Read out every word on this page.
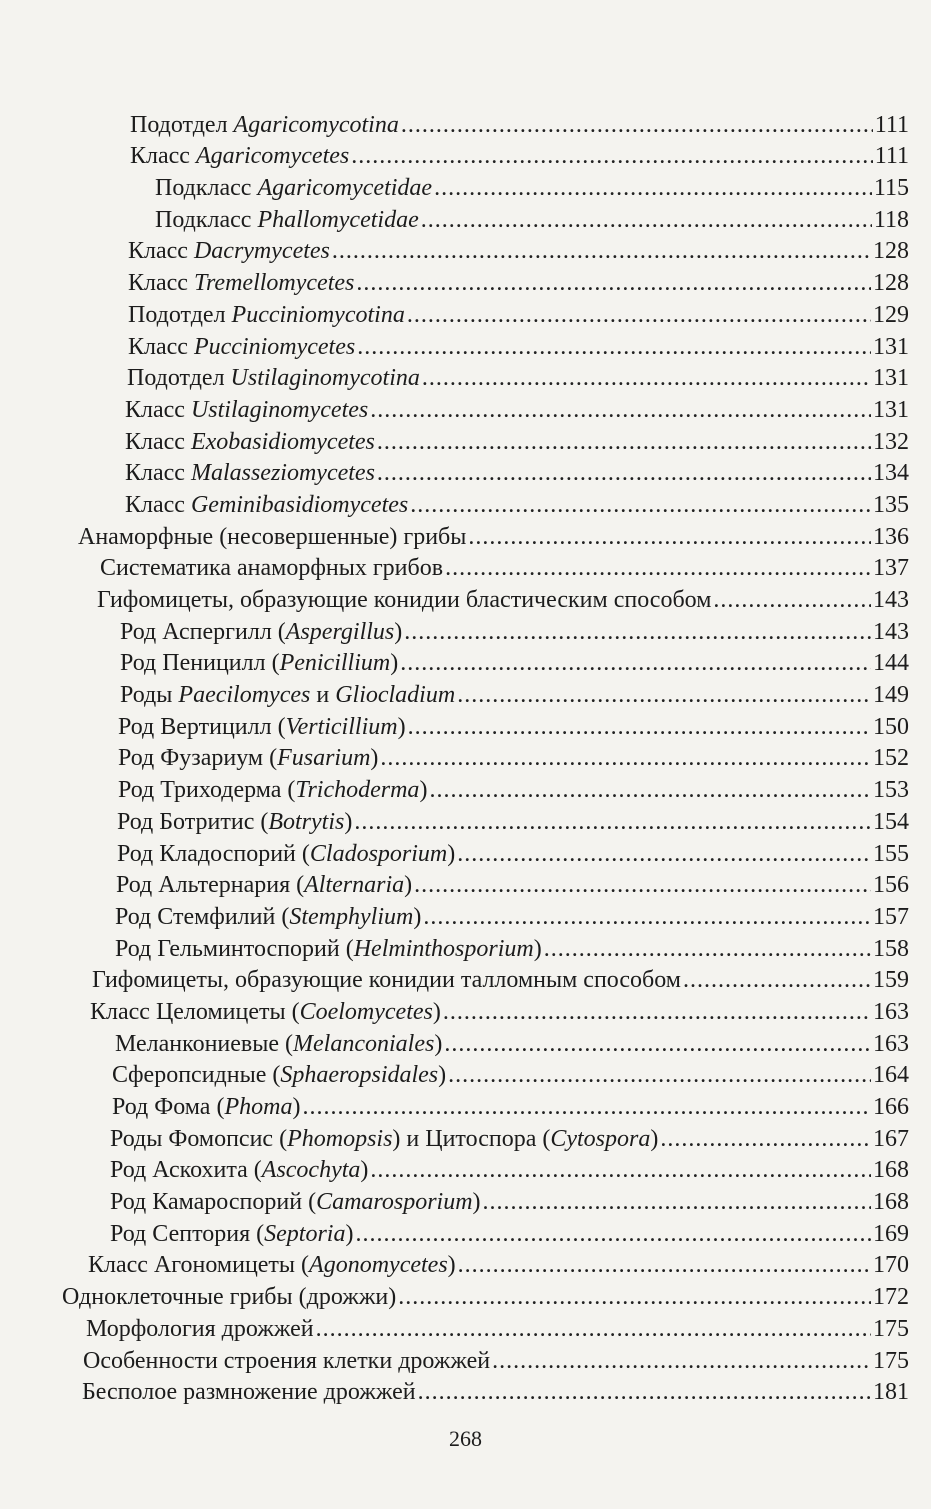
Подотдел Agaricomycotina .....	111
Класс Agaricomycetes .....	111
Подкласс Agaricomycetidae .....	115
Подкласс Phallomycetidae .....	118
Класс Dacrymycetes .....	128
Класс Tremellomycetes .....	128
Подотдел Pucciniomycotina .....	129
Класс Pucciniomycetes .....	131
Подотдел Ustilaginomycotina .....	131
Класс Ustilaginomycetes .....	131
Класс Exobasidiomycetes .....	132
Класс Malasseziomycetes .....	134
Класс Geminibasidiomycetes .....	135
Анаморфные (несовершенные) грибы .....	136
Систематика анаморфных грибов .....	137
Гифомицеты, образующие конидии бластическим способом .....	143
Род Аспергилл (Aspergillus) .....	143
Род Пеницилл (Penicillium) .....	144
Роды Paecilomyces и Gliocladium .....	149
Род Вертицилл (Verticillium) .....	150
Род Фузариум (Fusarium) .....	152
Род Триходерма (Trichoderma) .....	153
Род Ботритис (Botrytis) .....	154
Род Кладоспорий (Cladosporium) .....	155
Род Альтернария (Alternaria) .....	156
Род Стемфилий (Stemphylium) .....	157
Род Гельминтоспорий (Helminthosporium) .....	158
Гифомицеты, образующие конидии талломным способом .....	159
Класс Целомицеты (Coelomycetes) .....	163
Меланкониевые (Melanconiales) .....	163
Сферопсидные (Sphaeropsidales) .....	164
Род Фома (Phoma) .....	166
Роды Фомопсис (Phomopsis) и Цитоспора (Cytospora) .....	167
Род Аскохита (Ascochyta) .....	168
Род Камароспорий (Camarosporium) .....	168
Род Септория (Septoria) .....	169
Класс Агономицеты (Agonomycetes) .....	170
Одноклеточные грибы (дрожжи) .....	172
Морфология дрожжей .....	175
Особенности строения клетки дрожжей .....	175
Бесполое размножение дрожжей .....	181
268
